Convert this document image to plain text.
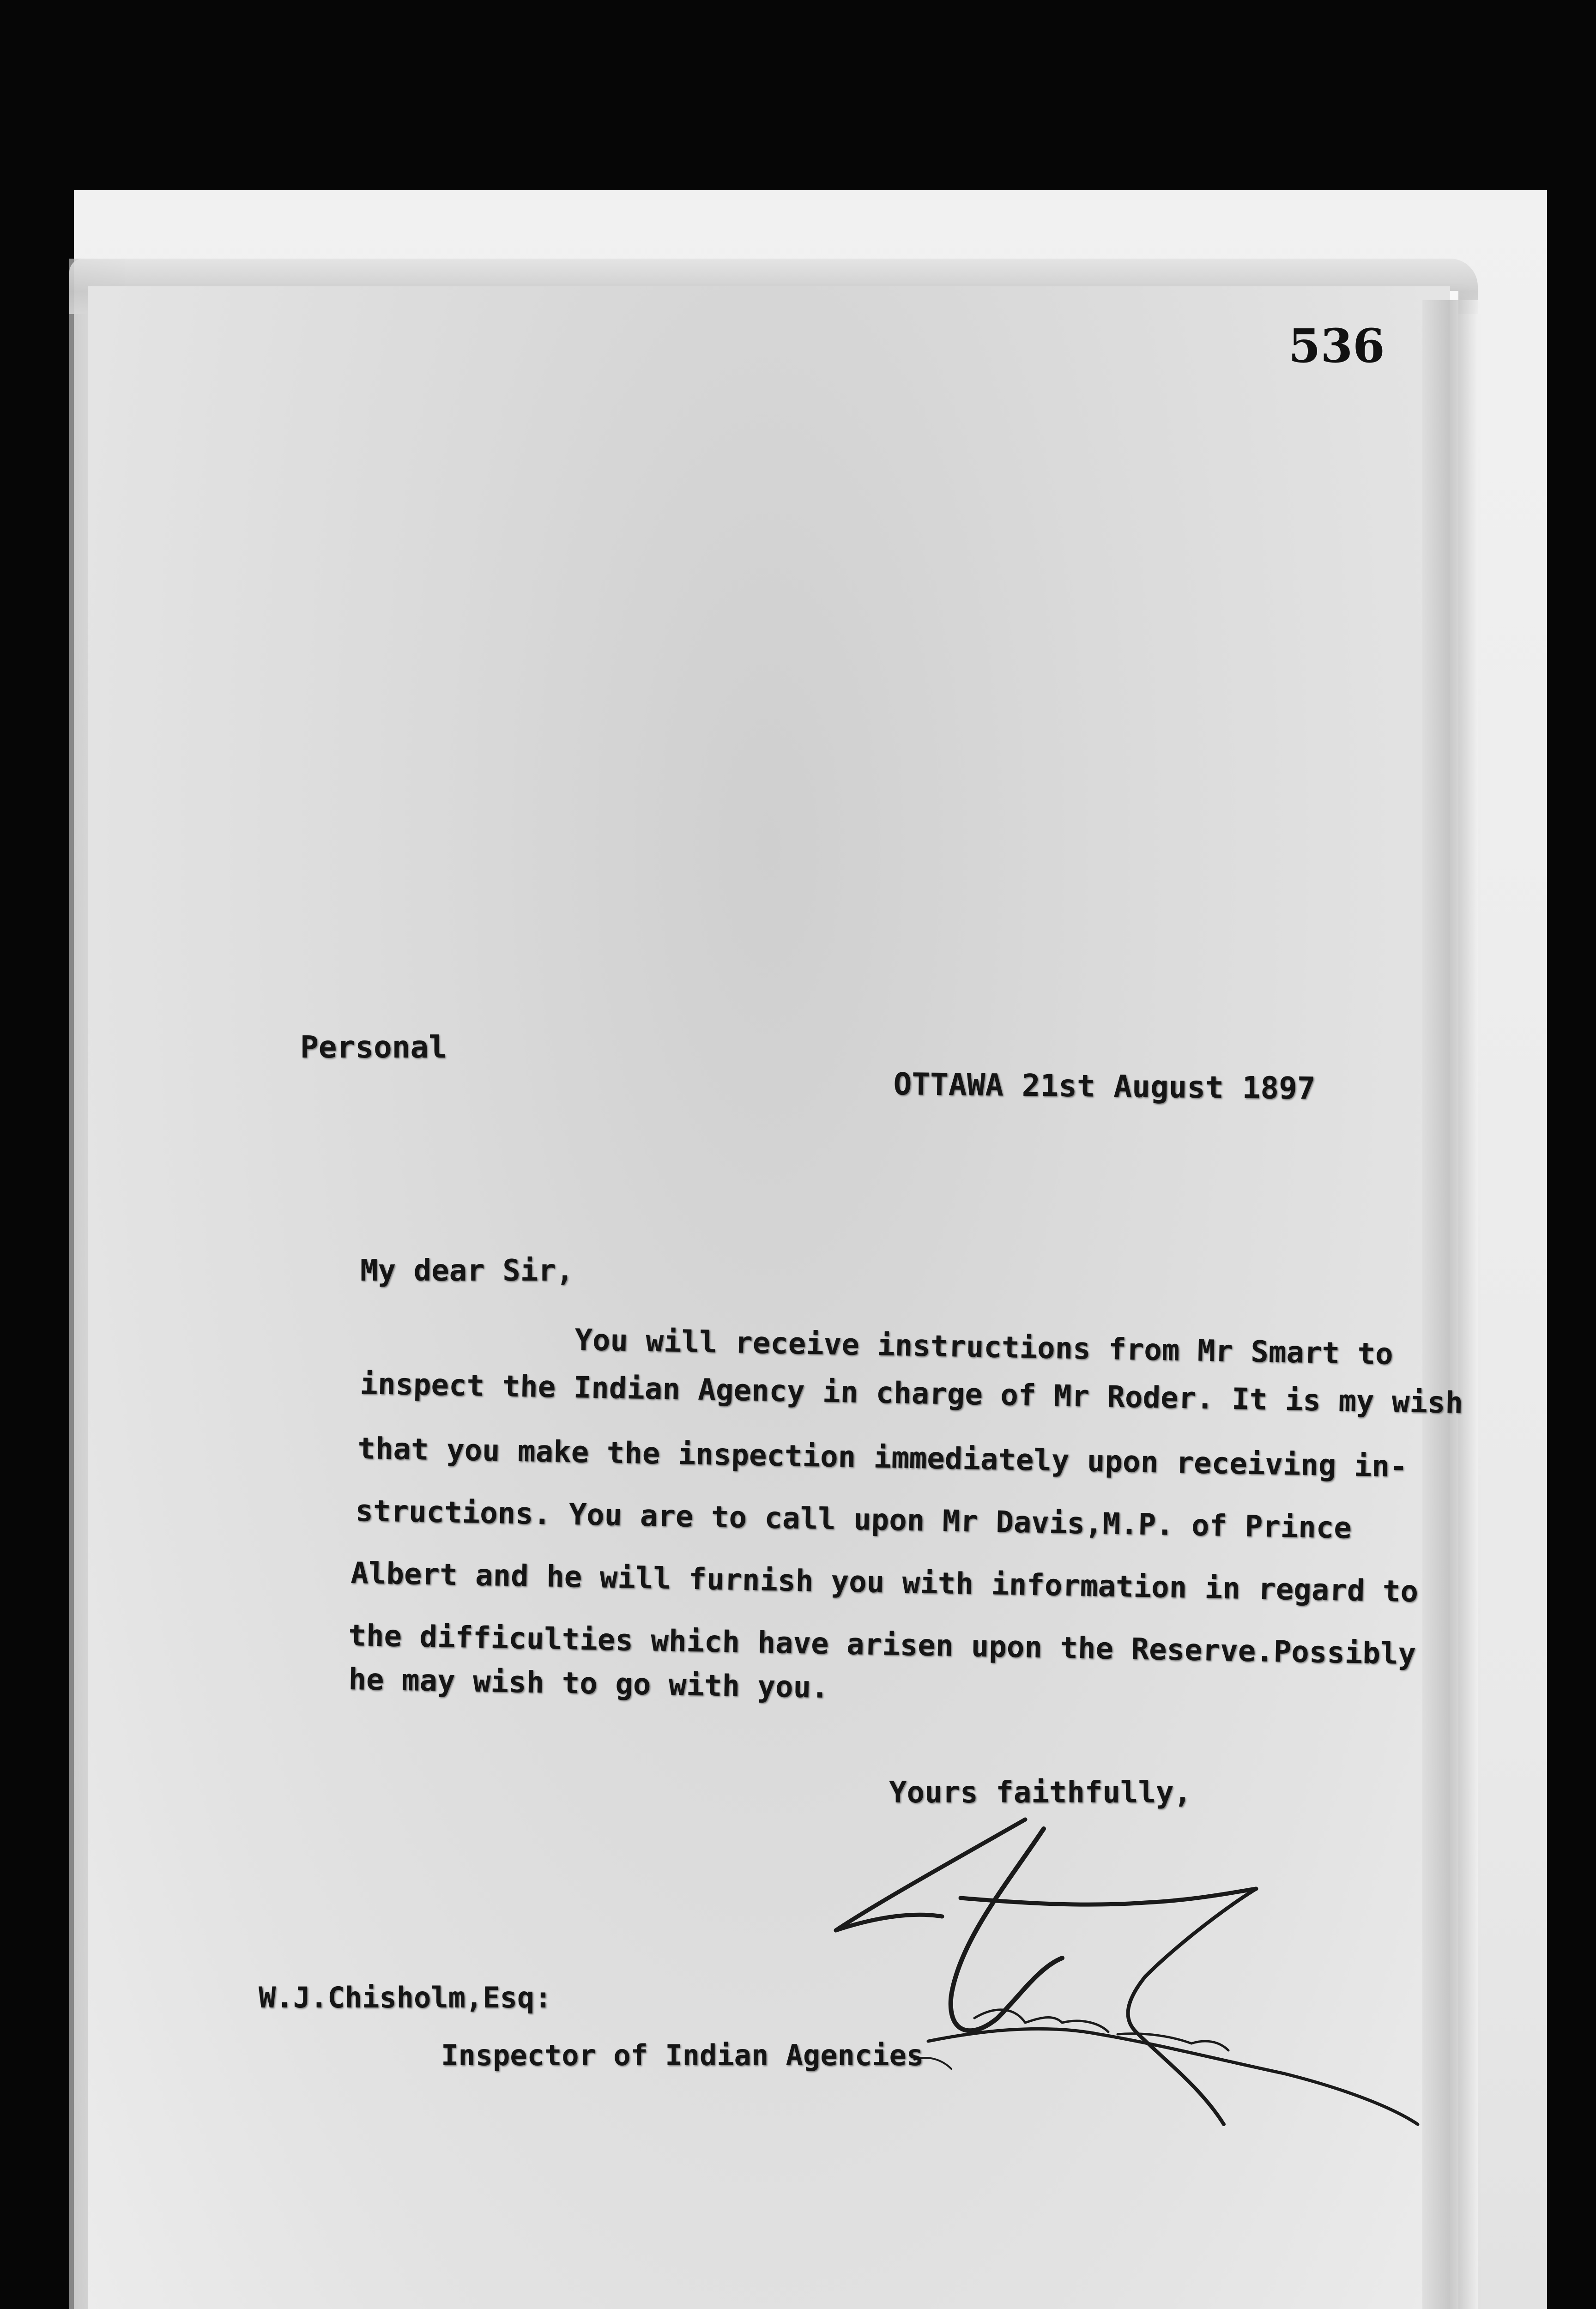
536
Personal
OTTAWA 21st August 1897
My dear Sir,
You will receive instructions from Mr Smart to
inspect the Indian Agency in charge of Mr Roder. It is my wish
that you make the inspection immediately upon receiving in-
structions. You are to call upon Mr Davis,M.P. of Prince
Albert and he will furnish you with information in regard to
the difficulties which have arisen upon the Reserve.Possibly
he may wish to go with you.
Yours faithfully,
W.J.Chisholm,Esq:
Inspector of Indian Agencies
